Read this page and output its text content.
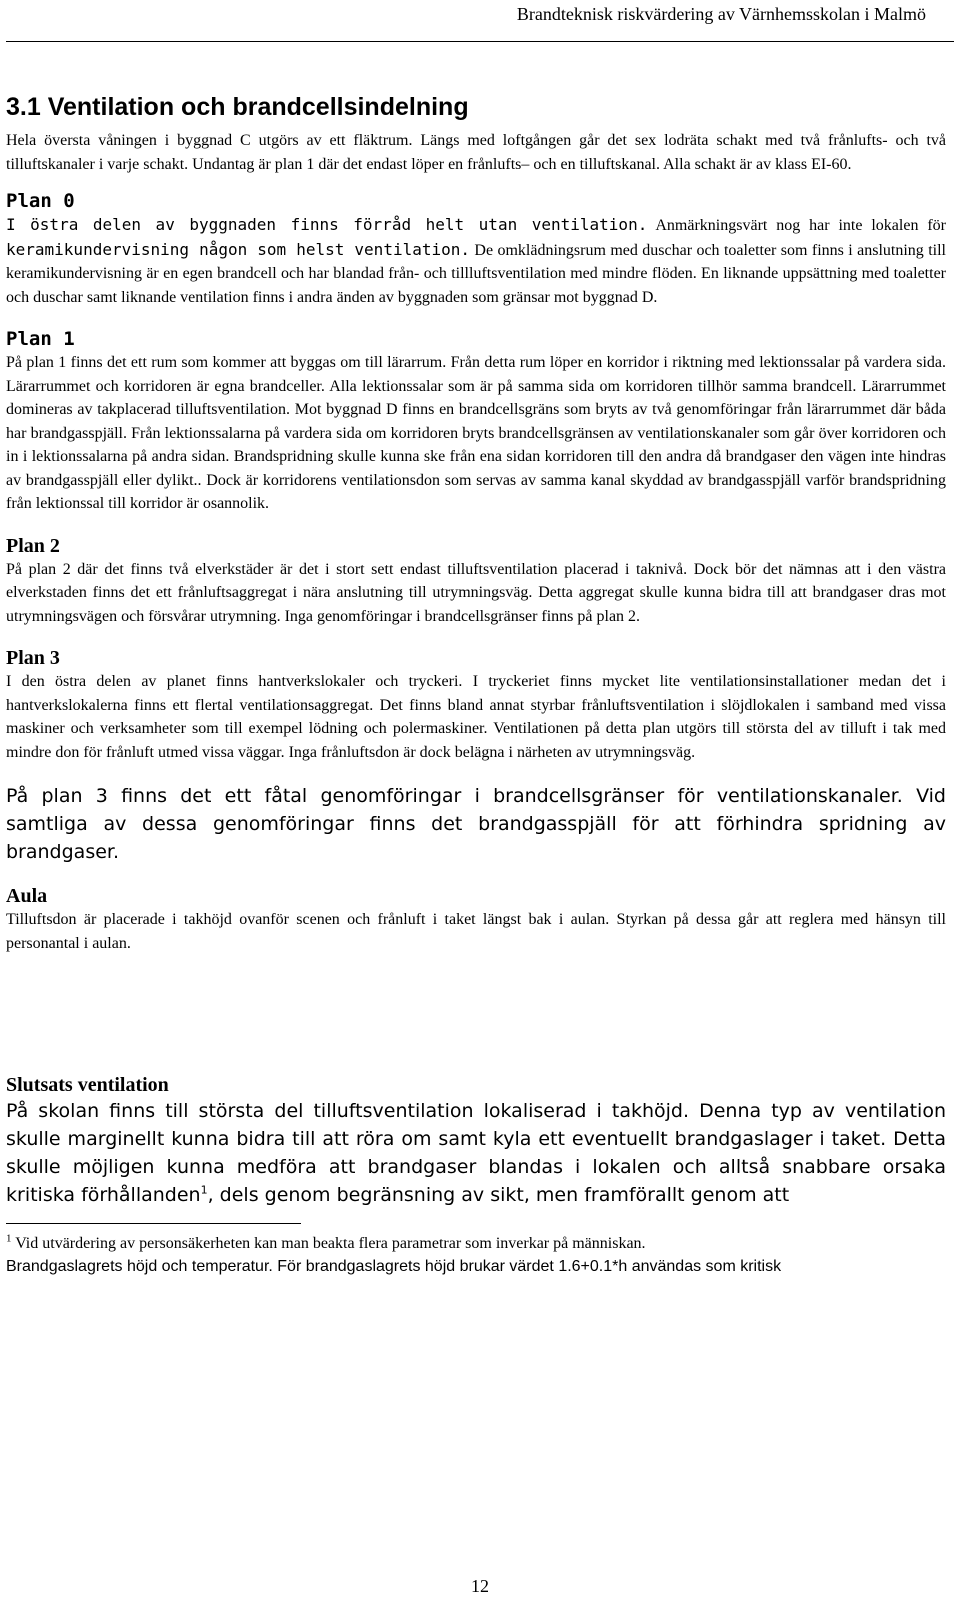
Brandteknisk riskvärdering av Värnhemsskolan i Malmö
3.1 Ventilation och brandcellsindelning

Hela översta våningen i byggnad C utgörs av ett fläktrum. Längs med loftgången går det sex lodräta schakt med två frånlufts- och två tilluftskanaler i varje schakt. Undantag är plan 1 där det endast löper en frånlufts– och en tilluftskanal. Alla schakt är av klass EI-60.

Plan 0

I östra delen av byggnaden finns förråd helt utan ventilation. Anmärkningsvärt nog har inte lokalen för keramikundervisning någon som helst ventilation. De omklädningsrum med duschar och toaletter som finns i anslutning till keramikundervisning är en egen brandcell och har blandad från- och tillluftsventilation med mindre flöden. En liknande uppsättning med toaletter och duschar samt liknande ventilation finns i andra änden av byggnaden som gränsar mot byggnad D.

Plan 1

På plan 1 finns det ett rum som kommer att byggas om till lärarrum. Från detta rum löper en korridor i riktning med lektionssalar på vardera sida. Lärarrummet och korridoren är egna brandceller. Alla lektionssalar som är på samma sida om korridoren tillhör samma brandcell. Lärarrummet domineras av takplacerad tilluftsventilation. Mot byggnad D finns en brandcellsgräns som bryts av två genomföringar från lärarrummet där båda har brandgasspjäll. Från lektionssalarna på vardera sida om korridoren bryts brandcellsgränsen av ventilationskanaler som går över korridoren och in i lektionssalarna på andra sidan. Brandspridning skulle kunna ske från ena sidan korridoren till den andra då brandgaser den vägen inte hindras av brandgasspjäll eller dylikt.. Dock är korridorens ventilationsdon som servas av samma kanal skyddad av brandgasspjäll varför brandspridning från lektionssal till korridor är osannolik.

Plan 2

På plan 2 där det finns två elverkstäder är det i stort sett endast tilluftsventilation placerad i taknivå. Dock bör det nämnas att i den västra elverkstaden finns det ett frånluftsaggregat i nära anslutning till utrymningsväg. Detta aggregat skulle kunna bidra till att brandgaser dras mot utrymningsvägen och försvårar utrymning. Inga genomföringar i brandcellsgränser finns på plan 2.

Plan 3

I den östra delen av planet finns hantverkslokaler och tryckeri. I tryckeriet finns mycket lite ventilationsinstallationer medan det i hantverkslokalerna finns ett flertal ventilationsaggregat. Det finns bland annat styrbar frånluftsventilation i slöjdlokalen i samband med vissa maskiner och verksamheter som till exempel lödning och polermaskiner. Ventilationen på detta plan utgörs till största del av tilluft i tak med mindre don för frånluft utmed vissa väggar. Inga frånluftsdon är dock belägna i närheten av utrymningsväg.

På plan 3 finns det ett fåtal genomföringar i brandcellsgränser för ventilationskanaler. Vid samtliga av dessa genomföringar finns det brandgasspjäll för att förhindra spridning av brandgaser.

Aula

Tilluftsdon är placerade i takhöjd ovanför scenen och frånluft i taket längst bak i aulan. Styrkan på dessa går att reglera med hänsyn till personantal i aulan.

Slutsats ventilation

På skolan finns till största del tilluftsventilation lokaliserad i takhöjd. Denna typ av ventilation skulle marginellt kunna bidra till att röra om samt kyla ett eventuellt brandgaslager i taket. Detta skulle möjligen kunna medföra att brandgaser blandas i lokalen och alltså snabbare orsaka kritiska förhållanden$^1$, dels genom begränsning av sikt, men framförallt genom att

$^1$ Vid utvärdering av personsäkerheten kan man beakta flera parametrar som inverkar på människan.

Brandgaslagrets höjd och temperatur. För brandgaslagrets höjd brukar värdet 1.6+0.1*h användas som kritisk

12
